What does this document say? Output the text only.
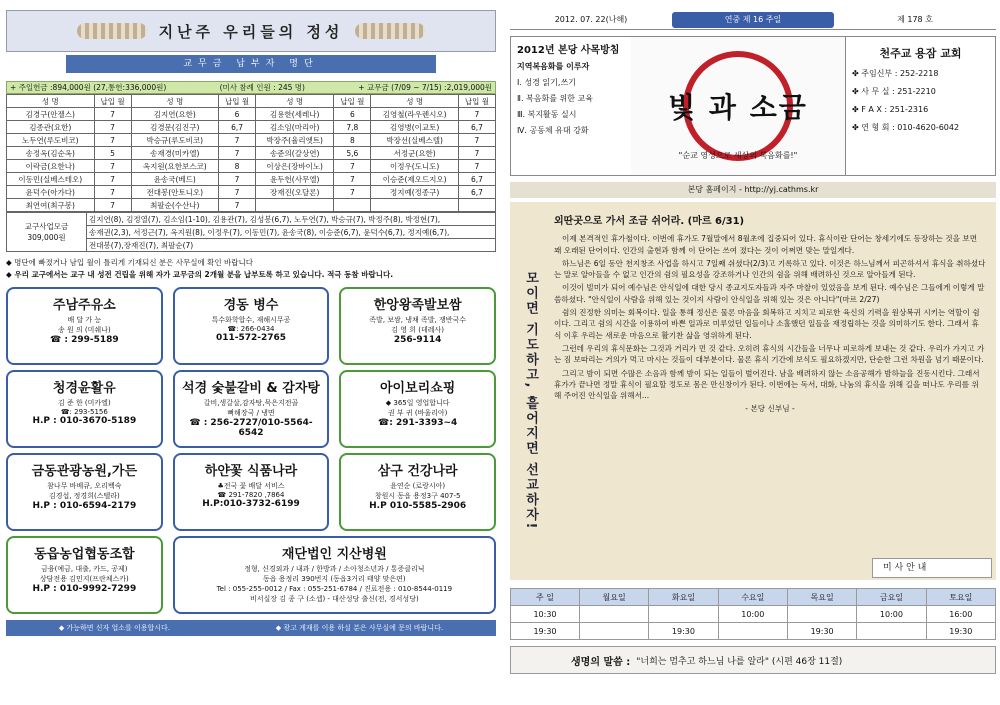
지난주 우리들의 정성
교무금 납부자 명단
+ 주일헌금 :894,000원 (27,통헌:336,000원)	(미사 참례 인원 : 245 명)	+ 교무금 (7/09 ~ 7/15) :2,019,000원
성 명	납입 월	성 명	납입 월	성 명	납입 월	성 명	납입 월
김경구(안젤스)	7	김지연(요한)	6	김용한(세레나)	6	김영철(라우렌시오)	7
김종관(요한)	7	김경문(김진구)	6,7	김소임(마리아)	7,8	김영병(이교토)	6,7
노두연(루도비코)	7	박승규(루도비코)	7	박장주(율리엣트)	8	박장선(실베스텔)	7
송정옥(김순옥)	5	송재경(미카엘)	7	송준의(갈상연)	5,6	서정군(요한)	7
이락금(요한나)	7	옥지원(요한보스코)	8	이상은(장바이노)	7	이정우(도니도)	7
이동민(실베스테오)	7	윤송국(베드)	7	윤두헌(사무엘)	7	이승준(제오드지오)	6,7
윤덕수(아가다)	7	전대봉(안토니오)	7	장재진(오달론)	7	정지예(정종구)	6,7
최연여(최구봉)	7	최팔순(수산나)	7				
교구사업모금
309,000원
	김지연(8), 김정열(7), 김소임(1-10), 김용관(7), 김성봉(6,7), 노두연(7), 박승규(7), 박정주(8), 박정현(7),
송재권(2,3), 서정근(7), 옥지원(8), 이정우(7), 이동민(7), 윤송국(8), 이승준(6,7), 윤덕수(6,7), 정지예(6,7),
전대봉(7),장재진(7), 최팔순(7)
◆ 명단에 빠졌거나 남입 월이 틀리게 기재되신 분은 사무실에 확인 바랍니다
◆ 우리 교구에서는 교구 내 성전 건립을 위해 자가 교무금의 2개월 분을 납부토록 하고 있습니다. 적극 동참 바랍니다.
주남주유소
배 달 가 능
송 원 의 (미쉐나)
☎ : 299-5189
경동 병수
특수화학합수, 재해시무공
☎: 266-0434
011-572-2765
한앙왕족발보쌈
족발, 보쌈, 냉채 족발, 쟁반국수
김 영 희 (데레사)
256-9114
청경윤활유
김 준 한 (미카엘)
☎: 293-5156
H.P : 010-3670-5189
석경 숯불갈비 & 감자탕
갈비,생갈살,감자탕,묵은지전골
뼈해장국 / 냉면
☎ : 256-2727/010-5564-6542
아이보리쇼핑
◆ 365일 영업합니다
권 부 귀 (바울리아)
☎: 291-3393~4
금동관광농원,가든
참나무 바베큐, 오리백숙
김경섭, 정경희(스텔라)
H.P : 010-6594-2179
하얀꽃 식품나라
♣전국 꽃 배달 서비스
☎ 291-7820 ,7864
H.P:010-3732-6199
삼구 건강나라
윤연순 (로랑시아)
창원시 동읍 용정3구 407-5
H.P 010-5585-2906
동읍농업협동조합
금융(예금, 대출, 카드, 공제)
상담전용 김민지(프란체스카)
H.P : 010-9992-7299
재단법인 지산병원
정형, 신경외과 / 내과 / 한방과 / 소아청소년과 / 통증클리닉
동읍 용정리 390번지 (동읍3거리 태양 맞은편)
Tel : 055-255-0012 / Fax : 055-251-6784 / 진료전용 : 010-8544-0119
비서실장 김 종 구 (소셉) - 대산성당 출신(전, 경서성당)
◆ 가능하면 신자 업소를 이용합시다.	◆ 광고 게재를 이용 하실 분은 사무실에 문의 바랍니다.
2012. 07. 22(나해)	연중 제 16 주일	제 178 호
2012년 본당 사목방침
지역복음화를 이루자
Ⅰ. 성경 읽기,쓰기
Ⅱ. 복음화를 위한 교육
Ⅲ. 복지활동 실시
Ⅳ. 공동체 유대 강화
빛 과 소금
"순교 영성으로 세상의 복음화를!"
천주교 용잠 교회
✤ 주임신부 : 252-2218
✤ 사 무 실 : 251-2210
✤ F A X : 251-2316
✤ 연 형 회 : 010-4620-6042
본당 홈페이지 - http://yj.cathms.kr
모이면 기도하고, 흩어지면 선교하자!
외딴곳으로 가서 조금 쉬어라. (마르 6/31)

이제 본격적인 휴가철이다. 이번에 휴가도 7월말에서 8월초에 집중되어 있다. 휴식이란 단어는 창세기에도 등장하는 것을 보면 꽤 오래된 단어이다. 인간의 출현과 함께 이 단어는 쓰여 졌다는 것이 어쩌면 맞는 말일게다.

하느님은 6일 동안 천지창조 사업을 하시고 7일째 쉬셨다(2/3)고 기록하고 있다. 이것은 하느님께서 피곤하셔서 휴식을 취하셨다는 말로 알아들을 수 없고 인간의 쉼의 필요성을 강조하거나 인간의 쉼을 위해 배려하신 것으로 알아들게 된다.

이것이 빌미가 되어 예수님은 안식일에 대한 당시 종교지도자들과 자주 마찰이 있었음을 보게 된다. 예수님은 그들에게 이렇게 말씀하셨다. "안식일이 사람을 위해 있는 것이지 사람이 안식일을 위해 있는 것은 아니다"(마르 2/27)

쉼의 진정한 의미는 회복이다. 일을 통해 정신은 물론 마음을 회복하고 지치고 피로한 육신의 기력을 원상복귀 시키는 역할이 쉼이다. 그리고 쉼의 시간을 이용하여 바쁜 일과로 미루었던 일들이나 소홀했던 일들을 재정립하는 것을 의미하기도 한다. 그래서 휴식 이후 우리는 새로운 마음으로 활기찬 삶을 영위하게 된다.

그런데 우리의 휴식문화는 그것과 거리가 먼 것 같다. 오히려 휴식의 시간들을 너무나 피로하게 보내는 것 같다. 우리가 가지고 가는 짐 보따리는 거의가 먹고 마시는 것들이 대부분이다. 물론 휴식 기간에 보식도 필요하겠지만, 단순한 그런 차원을 넘기 때문이다.

그리고 밤이 되면 수많은 소음과 함께 밤이 되는 일들이 벌어진다. 남을 배려하지 않는 소음공해가 밤하늘을 진동시킨다. 그래서 휴가가 끝나면 정말 휴식이 필요할 정도로 몸은 만신창이가 된다. 이번에는 독서, 대화, 나눔의 휴식을 위해 길을 떠나도 우리를 위해 주어진 안식일을 위해서...

- 본당 신부님 -
미 사 안 내
주 일	월요일	화요일	수요일	목요일	금요일	토요일
10:30			10:00		10:00	16:00
19:30		19:30		19:30		19:30
생명의 말씀 : "너희는 멈추고 하느님 나를 알라" (시편 46장 11절)
